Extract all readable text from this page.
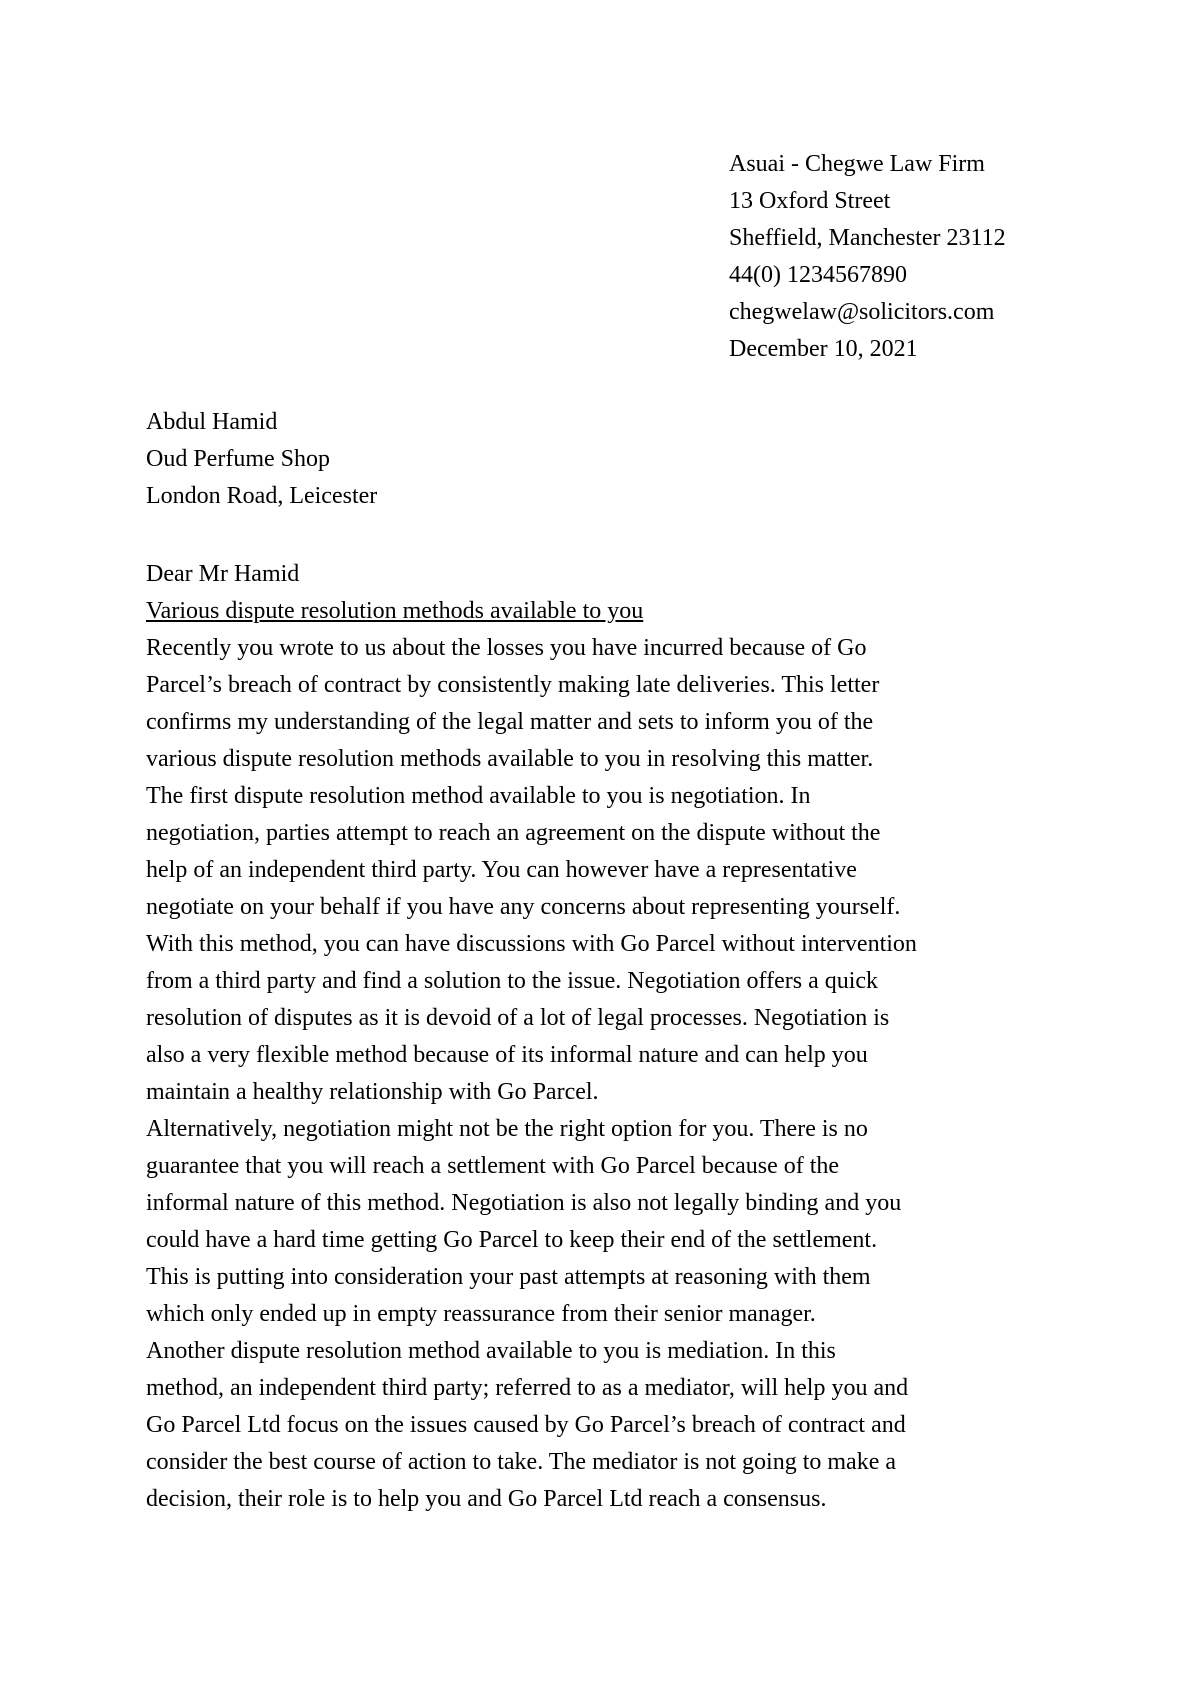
Asuai - Chegwe Law Firm
13 Oxford Street
Sheffield, Manchester 23112
44(0) 1234567890
chegwelaw@solicitors.com
December 10, 2021
Abdul Hamid
Oud Perfume Shop
London Road, Leicester
Dear Mr Hamid
Various dispute resolution methods available to you
Recently you wrote to us about the losses you have incurred because of Go
Parcel’s breach of contract by consistently making late deliveries. This letter
confirms my understanding of the legal matter and sets to inform you of the
various dispute resolution methods available to you in resolving this matter.
The first dispute resolution method available to you is negotiation. In
negotiation, parties attempt to reach an agreement on the dispute without the
help of an independent third party. You can however have a representative
negotiate on your behalf if you have any concerns about representing yourself.
With this method, you can have discussions with Go Parcel without intervention
from a third party and find a solution to the issue. Negotiation offers a quick
resolution of disputes as it is devoid of a lot of legal processes. Negotiation is
also a very flexible method because of its informal nature and can help you
maintain a healthy relationship with Go Parcel.
Alternatively, negotiation might not be the right option for you. There is no
guarantee that you will reach a settlement with Go Parcel because of the
informal nature of this method. Negotiation is also not legally binding and you
could have a hard time getting Go Parcel to keep their end of the settlement.
This is putting into consideration your past attempts at reasoning with them
which only ended up in empty reassurance from their senior manager.
Another dispute resolution method available to you is mediation. In this
method, an independent third party; referred to as a mediator, will help you and
Go Parcel Ltd focus on the issues caused by Go Parcel’s breach of contract and
consider the best course of action to take. The mediator is not going to make a
decision, their role is to help you and Go Parcel Ltd reach a consensus.
